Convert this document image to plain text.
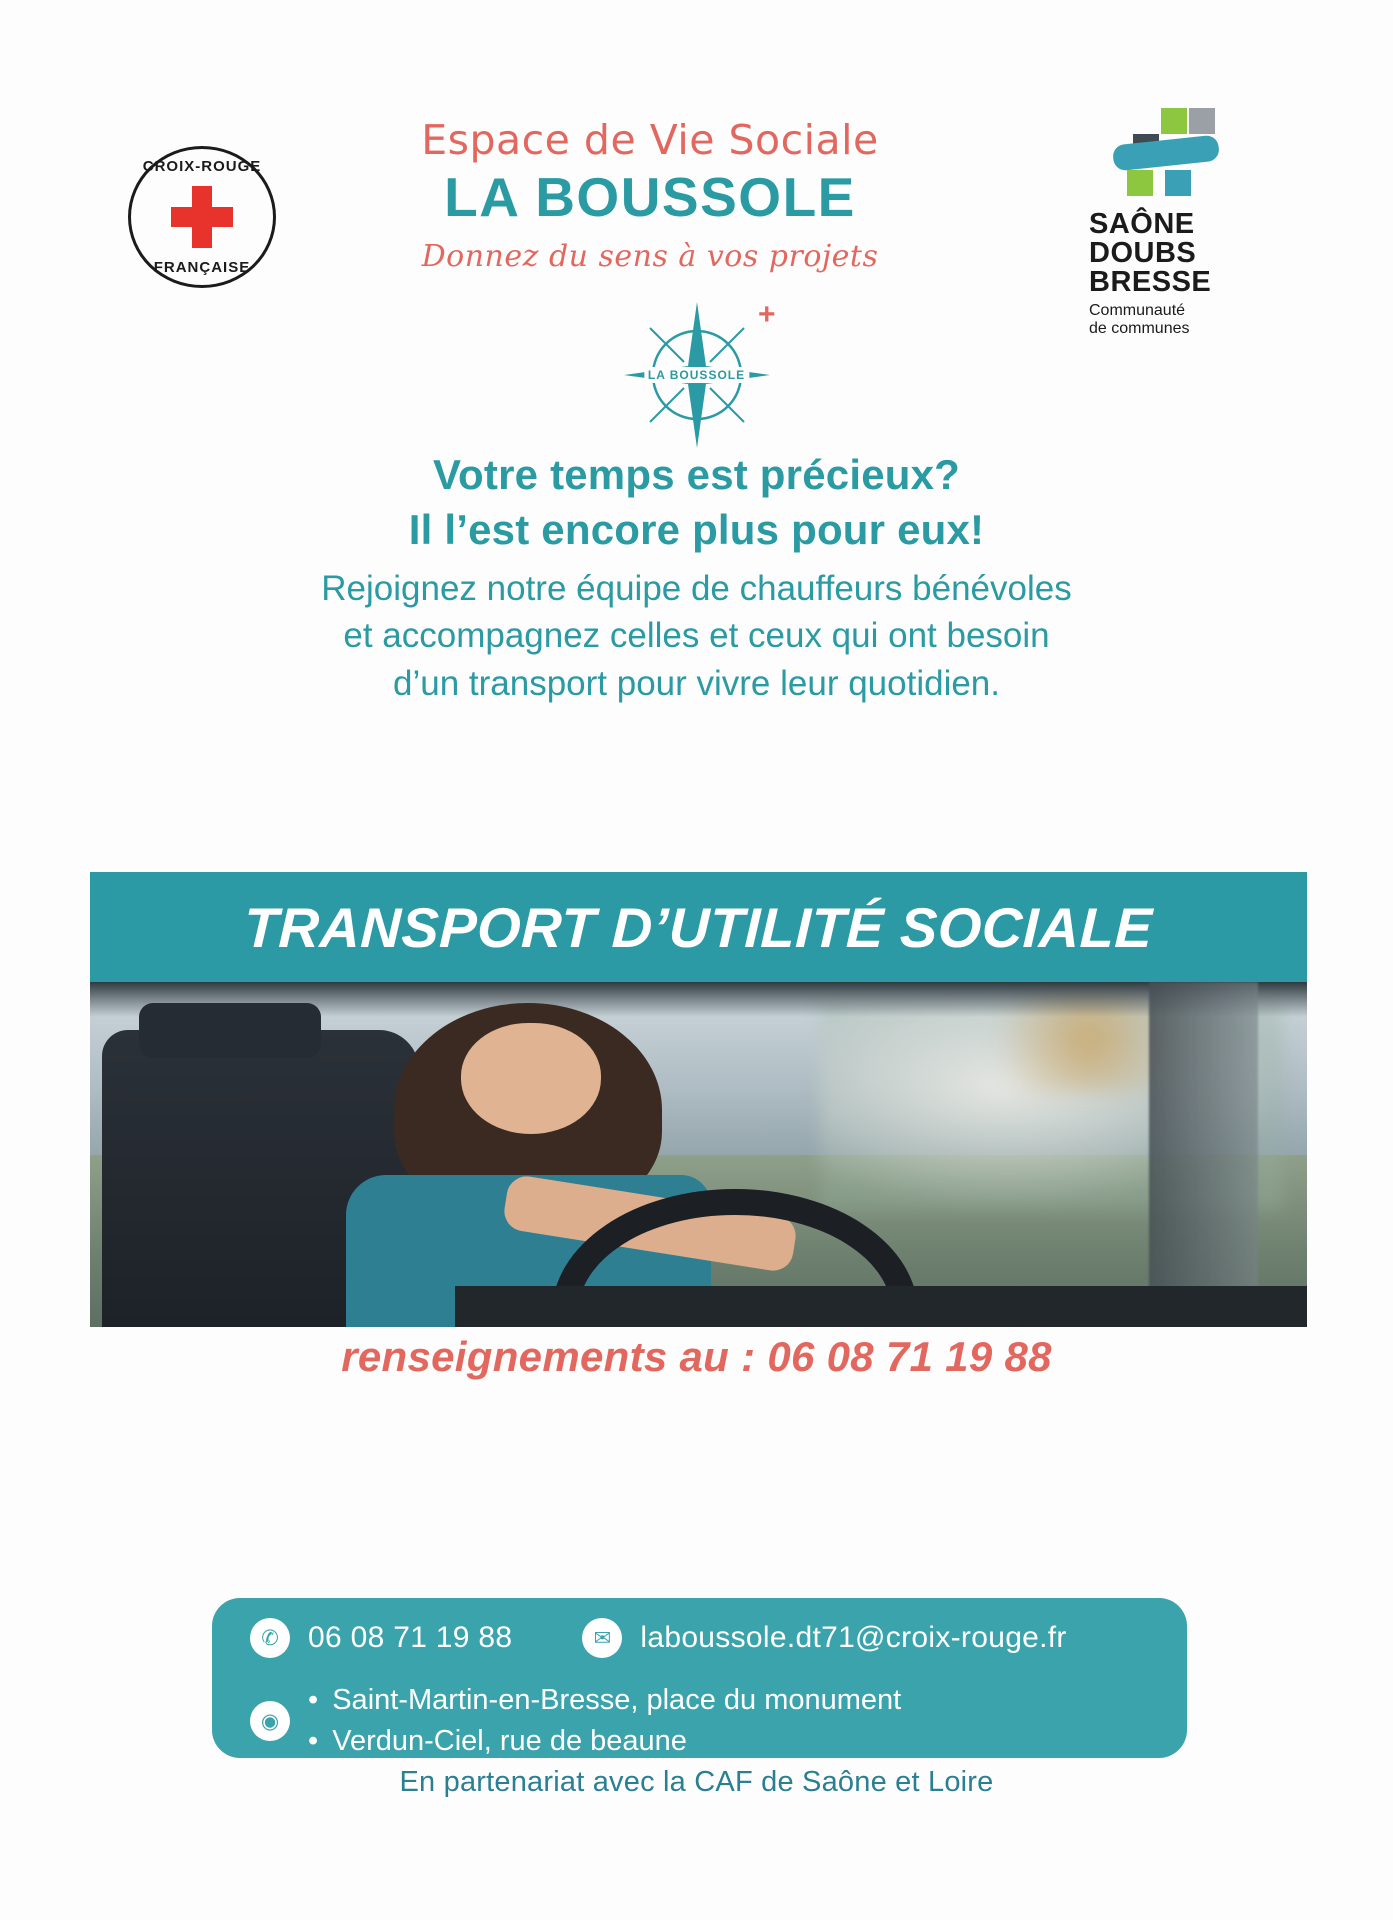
CROIX-ROUGE
FRANÇAISE
Espace de Vie Sociale
LA BOUSSOLE
Donnez du sens à vos projets
SAÔNE
DOUBS
BRESSE
Communauté
de communes
LA BOUSSOLE
+
Votre temps est précieux?
Il l’est encore plus pour eux!
Rejoignez notre équipe de chauffeurs bénévoles
et accompagnez celles et ceux qui ont besoin
d’un transport pour vivre leur quotidien.
TRANSPORT D’UTILITÉ SOCIALE
renseignements au : 06 08 71 19 88
✆ 06 08 71 19 88	✉ laboussole.dt71@croix-rouge.fr
◉
• Saint-Martin-en-Bresse, place du monument
• Verdun-Ciel, rue de beaune
En partenariat avec la CAF de Saône et Loire
